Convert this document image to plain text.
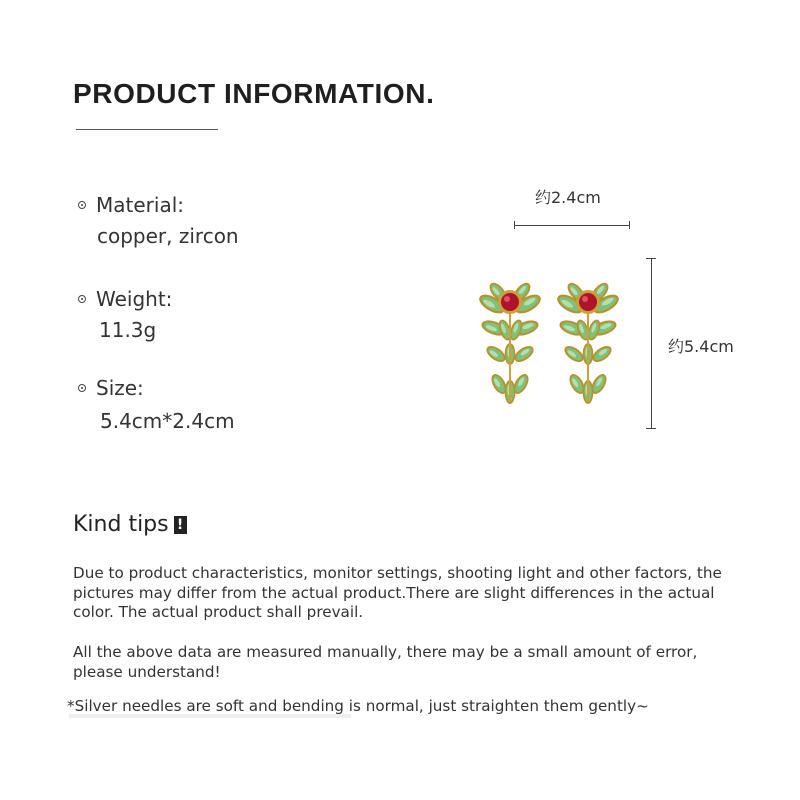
PRODUCT INFORMATION.
Material:
copper, zircon
Weight:
11.3g
Size:
5.4cm*2.4cm
约2.4cm
约5.4cm
Kind tips !

Due to product characteristics, monitor settings, shooting light and other factors, the pictures may differ from the actual product.There are slight differences in the actual color. The actual product shall prevail.

All the above data are measured manually, there may be a small amount of error, please understand!

*Silver needles are soft and bending is normal, just straighten them gently~
